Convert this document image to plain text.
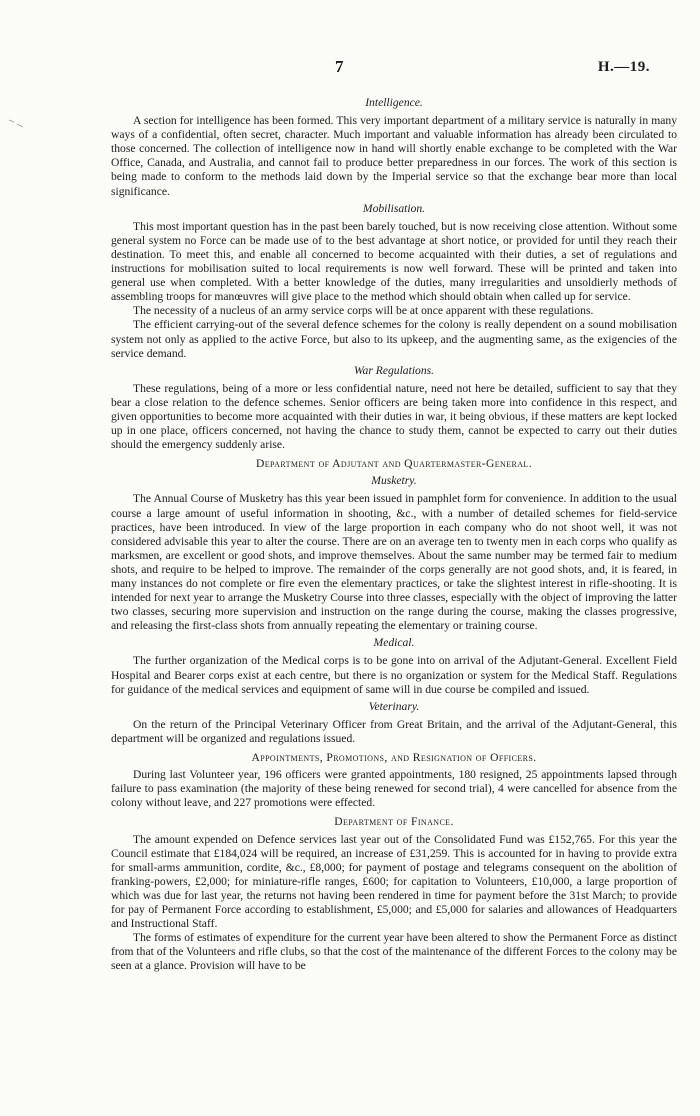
7	H.—19.
Intelligence.

A section for intelligence has been formed. This very important department of a military service is naturally in many ways of a confidential, often secret, character. Much important and valuable information has already been circulated to those concerned. The collection of intelligence now in hand will shortly enable exchange to be completed with the War Office, Canada, and Australia, and cannot fail to produce better preparedness in our forces. The work of this section is being made to conform to the methods laid down by the Imperial service so that the exchange bear more than local significance.

Mobilisation.

This most important question has in the past been barely touched, but is now receiving close attention. Without some general system no Force can be made use of to the best advantage at short notice, or provided for until they reach their destination. To meet this, and enable all concerned to become acquainted with their duties, a set of regulations and instructions for mobilisation suited to local requirements is now well forward. These will be printed and taken into general use when completed. With a better knowledge of the duties, many irregularities and unsoldierly methods of assembling troops for manœuvres will give place to the method which should obtain when called up for service.

The necessity of a nucleus of an army service corps will be at once apparent with these regulations.

The efficient carrying-out of the several defence schemes for the colony is really dependent on a sound mobilisation system not only as applied to the active Force, but also to its upkeep, and the augmenting same, as the exigencies of the service demand.

War Regulations.

These regulations, being of a more or less confidential nature, need not here be detailed, sufficient to say that they bear a close relation to the defence schemes. Senior officers are being taken more into confidence in this respect, and given opportunities to become more acquainted with their duties in war, it being obvious, if these matters are kept locked up in one place, officers concerned, not having the chance to study them, cannot be expected to carry out their duties should the emergency suddenly arise.

Department of Adjutant and Quartermaster-General.
Musketry.

The Annual Course of Musketry has this year been issued in pamphlet form for convenience. In addition to the usual course a large amount of useful information in shooting, &c., with a number of detailed schemes for field-service practices, have been introduced. In view of the large proportion in each company who do not shoot well, it was not considered advisable this year to alter the course. There are on an average ten to twenty men in each corps who qualify as marksmen, are excellent or good shots, and improve themselves. About the same number may be termed fair to medium shots, and require to be helped to improve. The remainder of the corps generally are not good shots, and, it is feared, in many instances do not complete or fire even the elementary practices, or take the slightest interest in rifle-shooting. It is intended for next year to arrange the Musketry Course into three classes, especially with the object of improving the latter two classes, securing more supervision and instruction on the range during the course, making the classes progressive, and releasing the first-class shots from annually repeating the elementary or training course.

Medical.

The further organization of the Medical corps is to be gone into on arrival of the Adjutant-General. Excellent Field Hospital and Bearer corps exist at each centre, but there is no organization or system for the Medical Staff. Regulations for guidance of the medical services and equipment of same will in due course be compiled and issued.

Veterinary.

On the return of the Principal Veterinary Officer from Great Britain, and the arrival of the Adjutant-General, this department will be organized and regulations issued.

Appointments, Promotions, and Resignation of Officers.

During last Volunteer year, 196 officers were granted appointments, 180 resigned, 25 appointments lapsed through failure to pass examination (the majority of these being renewed for second trial), 4 were cancelled for absence from the colony without leave, and 227 promotions were effected.

Department of Finance.

The amount expended on Defence services last year out of the Consolidated Fund was £152,765. For this year the Council estimate that £184,024 will be required, an increase of £31,259. This is accounted for in having to provide extra for small-arms ammunition, cordite, &c., £8,000; for payment of postage and telegrams consequent on the abolition of franking-powers, £2,000; for miniature-rifle ranges, £600; for capitation to Volunteers, £10,000, a large proportion of which was due for last year, the returns not having been rendered in time for payment before the 31st March; to provide for pay of Permanent Force according to establishment, £5,000; and £5,000 for salaries and allowances of Headquarters and Instructional Staff.

The forms of estimates of expenditure for the current year have been altered to show the Permanent Force as distinct from that of the Volunteers and rifle clubs, so that the cost of the maintenance of the different Forces to the colony may be seen at a glance. Provision will have to be
